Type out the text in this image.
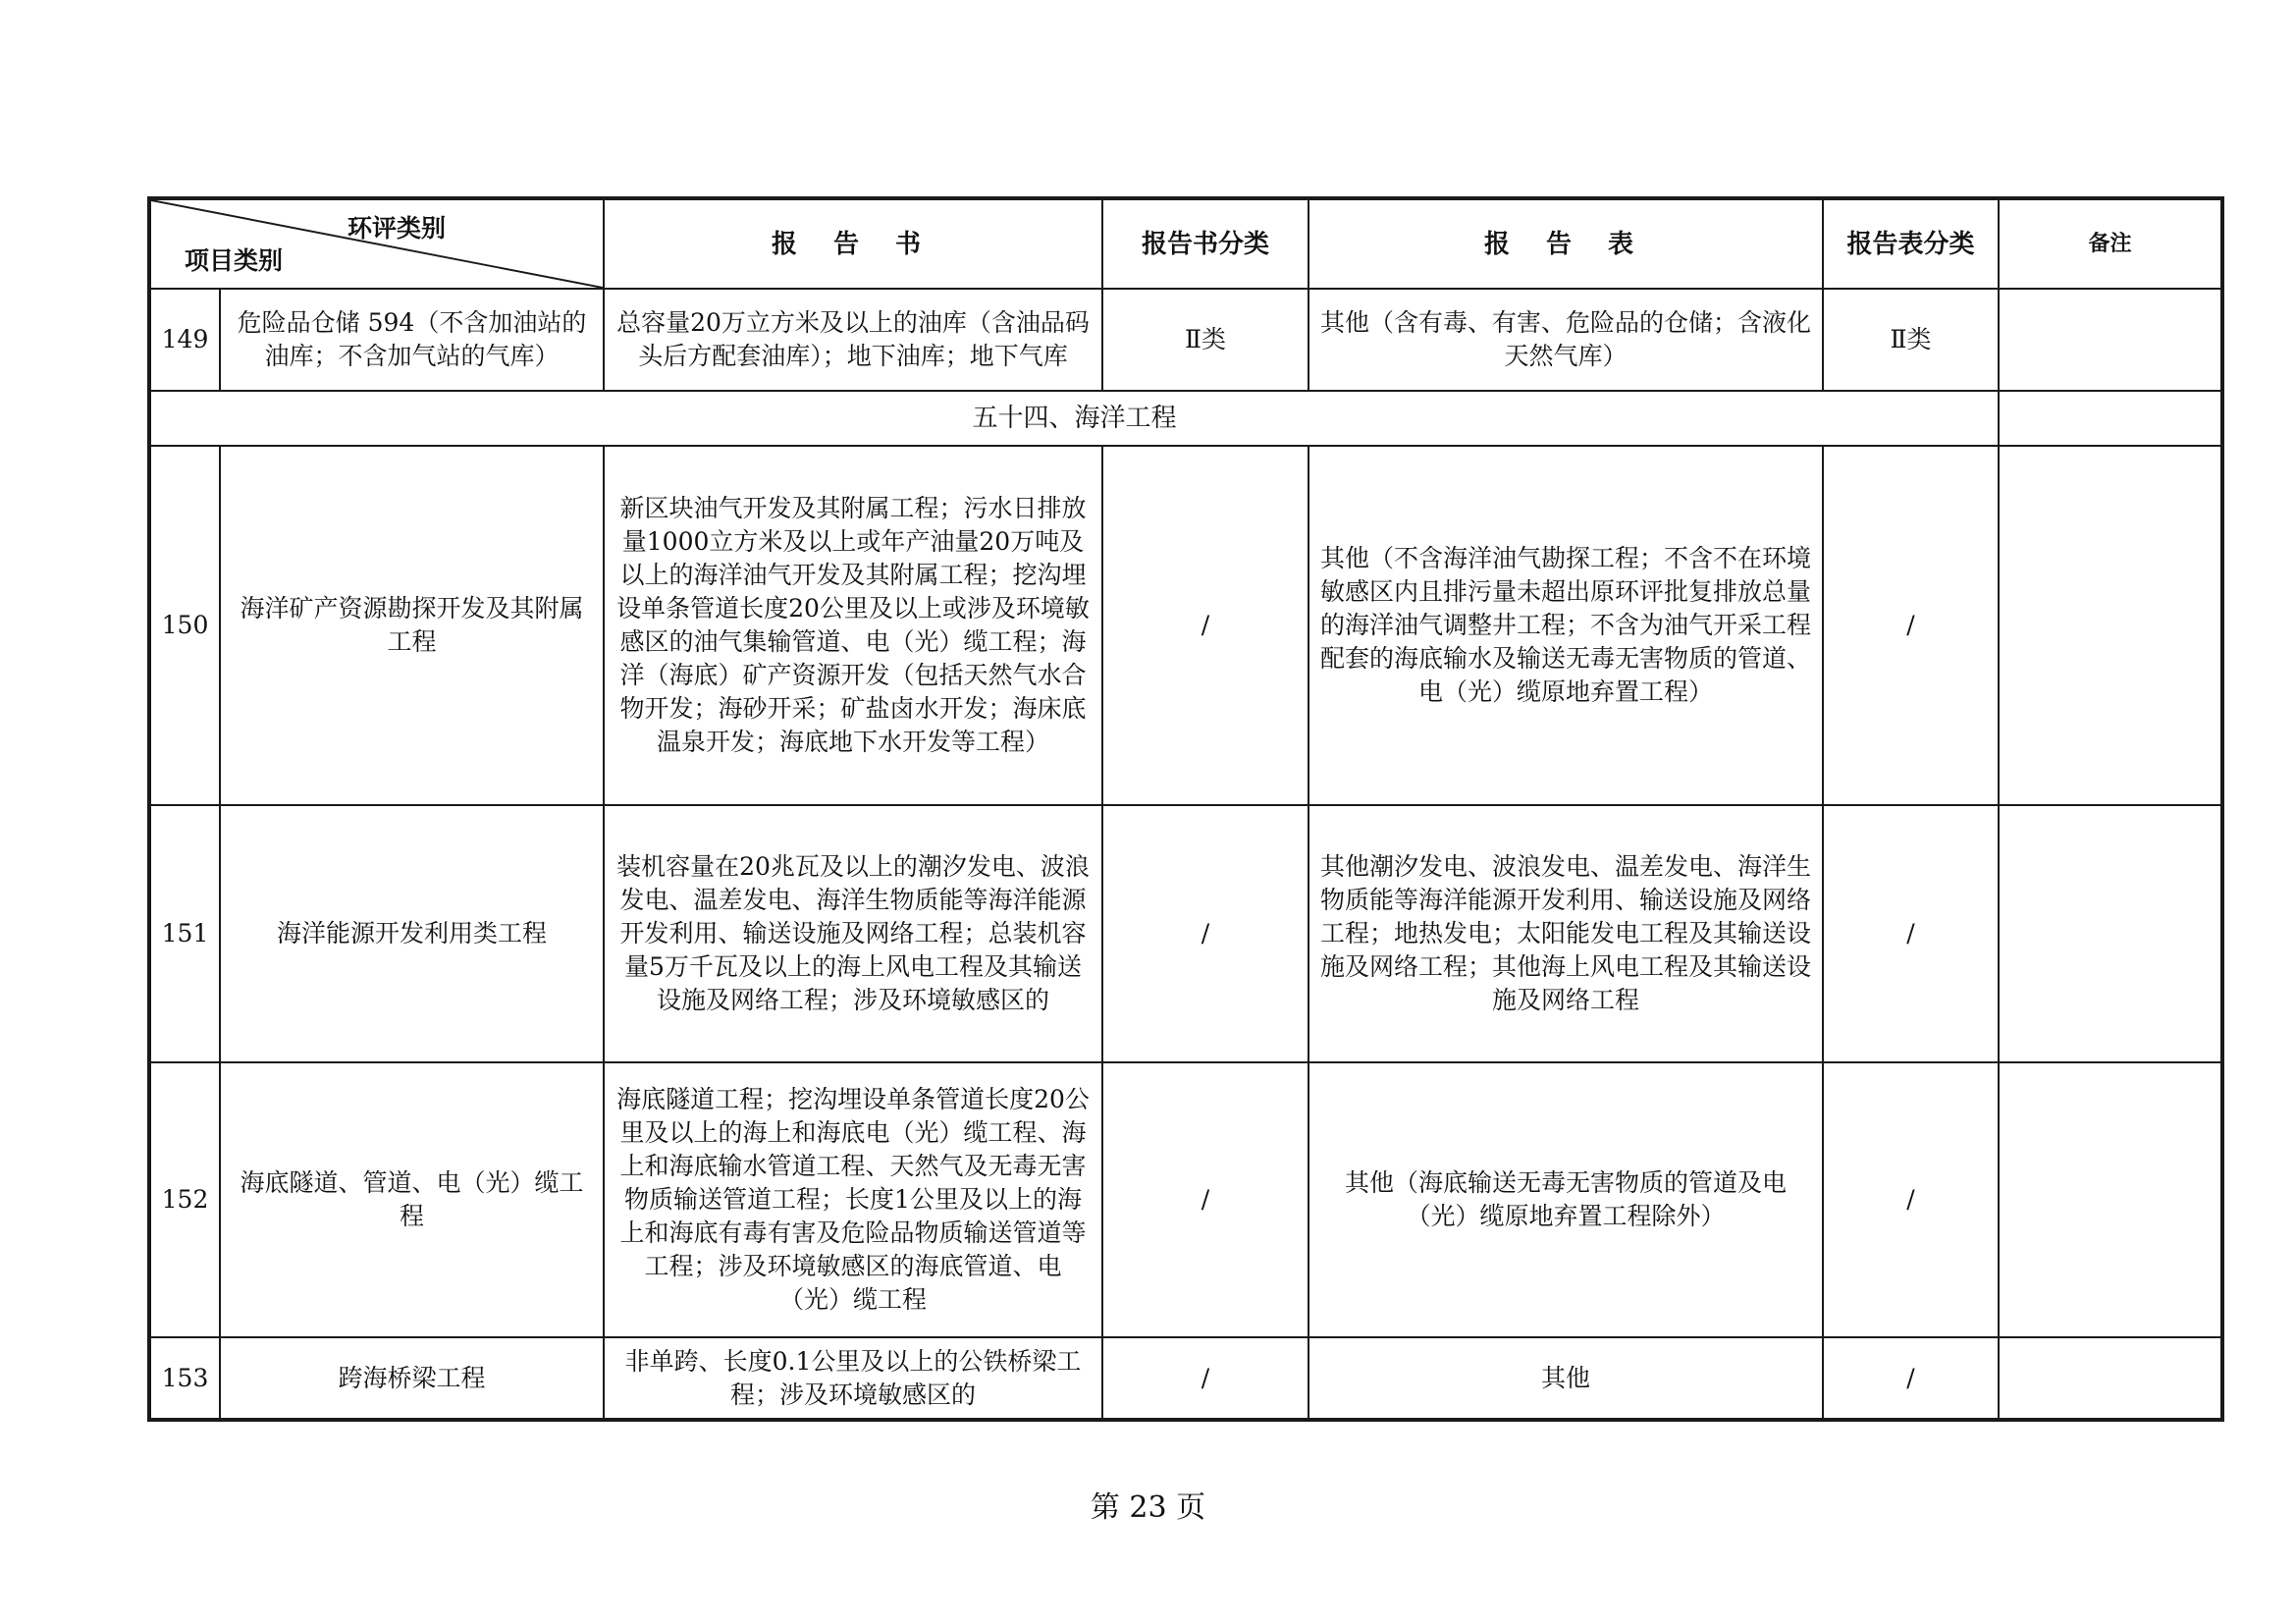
环评类别
项目类别		报 告 书	报告书分类	报 告 表	报告表分类	备注
149	危险品仓储 594（不含加油站的油库；不含加气站的气库）	总容量20万立方米及以上的油库（含油品码头后方配套油库）；地下油库；地下气库	Ⅱ类	其他（含有毒、有害、危险品的仓储；含液化天然气库）	Ⅱ类	
五十四、海洋工程						
150	海洋矿产资源勘探开发及其附属工程	新区块油气开发及其附属工程；污水日排放量1000立方米及以上或年产油量20万吨及以上的海洋油气开发及其附属工程；挖沟埋设单条管道长度20公里及以上或涉及环境敏感区的油气集输管道、电（光）缆工程；海洋（海底）矿产资源开发（包括天然气水合物开发；海砂开采；矿盐卤水开发；海床底温泉开发；海底地下水开发等工程）	/	其他（不含海洋油气勘探工程；不含不在环境敏感区内且排污量未超出原环评批复排放总量的海洋油气调整井工程；不含为油气开采工程配套的海底输水及输送无毒无害物质的管道、电（光）缆原地弃置工程）	/	
151	海洋能源开发利用类工程	装机容量在20兆瓦及以上的潮汐发电、波浪发电、温差发电、海洋生物质能等海洋能源开发利用、输送设施及网络工程；总装机容量5万千瓦及以上的海上风电工程及其输送设施及网络工程；涉及环境敏感区的	/	其他潮汐发电、波浪发电、温差发电、海洋生物质能等海洋能源开发利用、输送设施及网络工程；地热发电；太阳能发电工程及其输送设施及网络工程；其他海上风电工程及其输送设施及网络工程	/	
152	海底隧道、管道、电（光）缆工程	海底隧道工程；挖沟埋设单条管道长度20公里及以上的海上和海底电（光）缆工程、海上和海底输水管道工程、天然气及无毒无害物质输送管道工程；长度1公里及以上的海上和海底有毒有害及危险品物质输送管道等工程；涉及环境敏感区的海底管道、电（光）缆工程	/	其他（海底输送无毒无害物质的管道及电（光）缆原地弃置工程除外）	/	
153	跨海桥梁工程	非单跨、长度0.1公里及以上的公铁桥梁工程；涉及环境敏感区的	/	其他	/	
第 23 页
